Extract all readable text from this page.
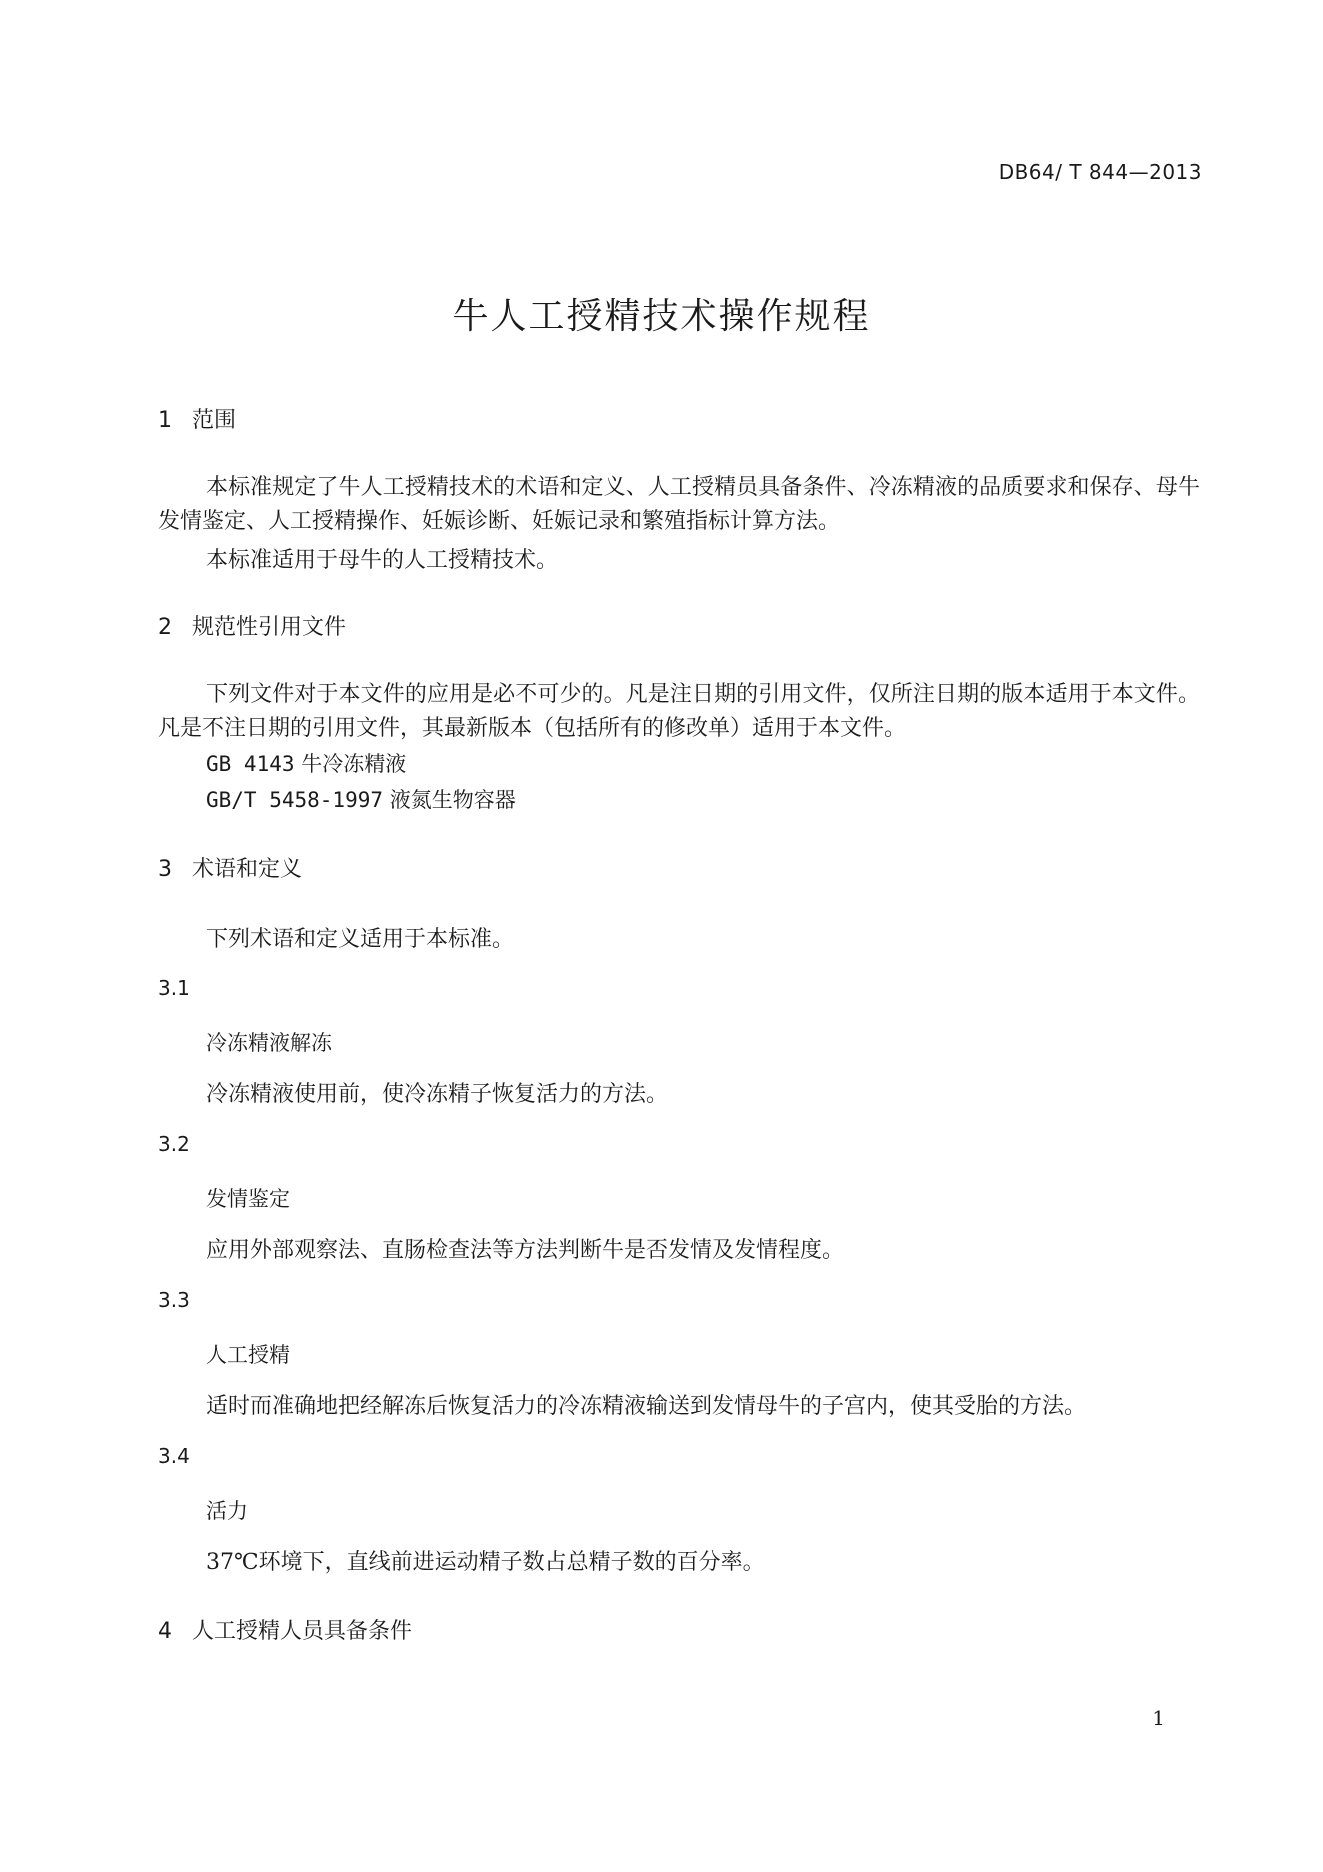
DB64/ T 844—2013
牛人工授精技术操作规程
1 范围
本标准规定了牛人工授精技术的术语和定义、人工授精员具备条件、冷冻精液的品质要求和保存、母牛发情鉴定、人工授精操作、妊娠诊断、妊娠记录和繁殖指标计算方法。
本标准适用于母牛的人工授精技术。
2 规范性引用文件
下列文件对于本文件的应用是必不可少的。凡是注日期的引用文件，仅所注日期的版本适用于本文件。凡是不注日期的引用文件，其最新版本（包括所有的修改单）适用于本文件。
GB 4143 牛冷冻精液
GB/T 5458-1997 液氮生物容器
3 术语和定义
下列术语和定义适用于本标准。
3.1
冷冻精液解冻
冷冻精液使用前，使冷冻精子恢复活力的方法。
3.2
发情鉴定
应用外部观察法、直肠检查法等方法判断牛是否发情及发情程度。
3.3
人工授精
适时而准确地把经解冻后恢复活力的冷冻精液输送到发情母牛的子宫内，使其受胎的方法。
3.4
活力
37℃环境下，直线前进运动精子数占总精子数的百分率。
4 人工授精人员具备条件
1
